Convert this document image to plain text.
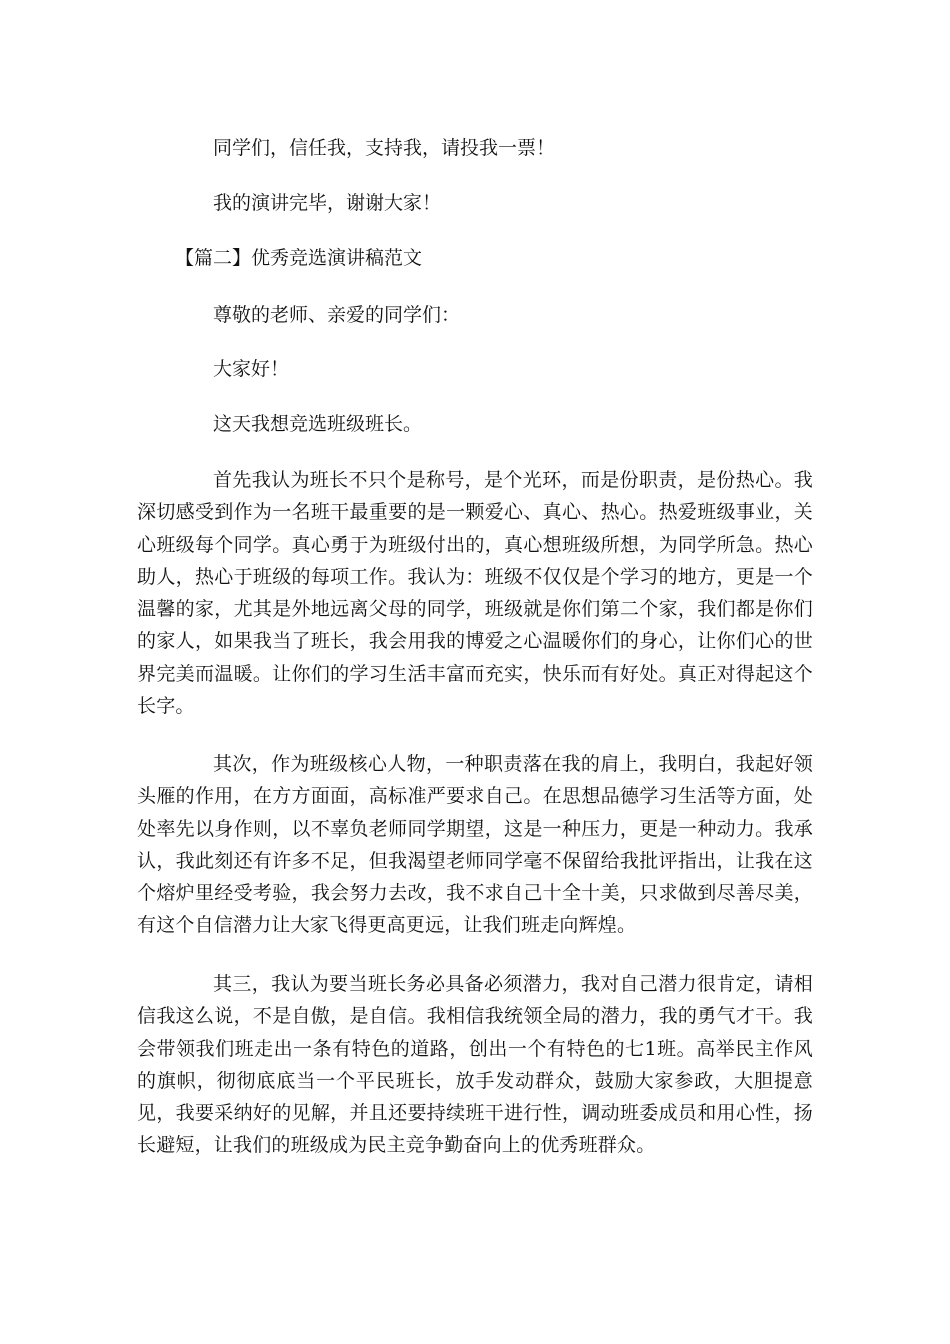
同学们，信任我，支持我，请投我一票！

我的演讲完毕，谢谢大家！

【篇二】优秀竞选演讲稿范文

尊敬的老师、亲爱的同学们：

大家好！

这天我想竞选班级班长。

首先我认为班长不只个是称号，是个光环，而是份职责，是份热心。我深切感受到作为一名班干最重要的是一颗爱心、真心、热心。热爱班级事业，关心班级每个同学。真心勇于为班级付出的，真心想班级所想，为同学所急。热心助人，热心于班级的每项工作。我认为：班级不仅仅是个学习的地方，更是一个温馨的家，尤其是外地远离父母的同学，班级就是你们第二个家，我们都是你们的家人，如果我当了班长，我会用我的博爱之心温暖你们的身心，让你们心的世界完美而温暖。让你们的学习生活丰富而充实，快乐而有好处。真正对得起这个长字。

其次，作为班级核心人物，一种职责落在我的肩上，我明白，我起好领头雁的作用，在方方面面，高标准严要求自己。在思想品德学习生活等方面，处处率先以身作则，以不辜负老师同学期望，这是一种压力，更是一种动力。我承认，我此刻还有许多不足，但我渴望老师同学毫不保留给我批评指出，让我在这个熔炉里经受考验，我会努力去改，我不求自己十全十美，只求做到尽善尽美，有这个自信潜力让大家飞得更高更远，让我们班走向辉煌。

其三，我认为要当班长务必具备必须潜力，我对自己潜力很肯定，请相信我这么说，不是自傲，是自信。我相信我统领全局的潜力，我的勇气才干。我会带领我们班走出一条有特色的道路，创出一个有特色的七1班。高举民主作风的旗帜，彻彻底底当一个平民班长，放手发动群众，鼓励大家参政，大胆提意见，我要采纳好的见解，并且还要持续班干进行性，调动班委成员和用心性，扬长避短，让我们的班级成为民主竞争勤奋向上的优秀班群众。
